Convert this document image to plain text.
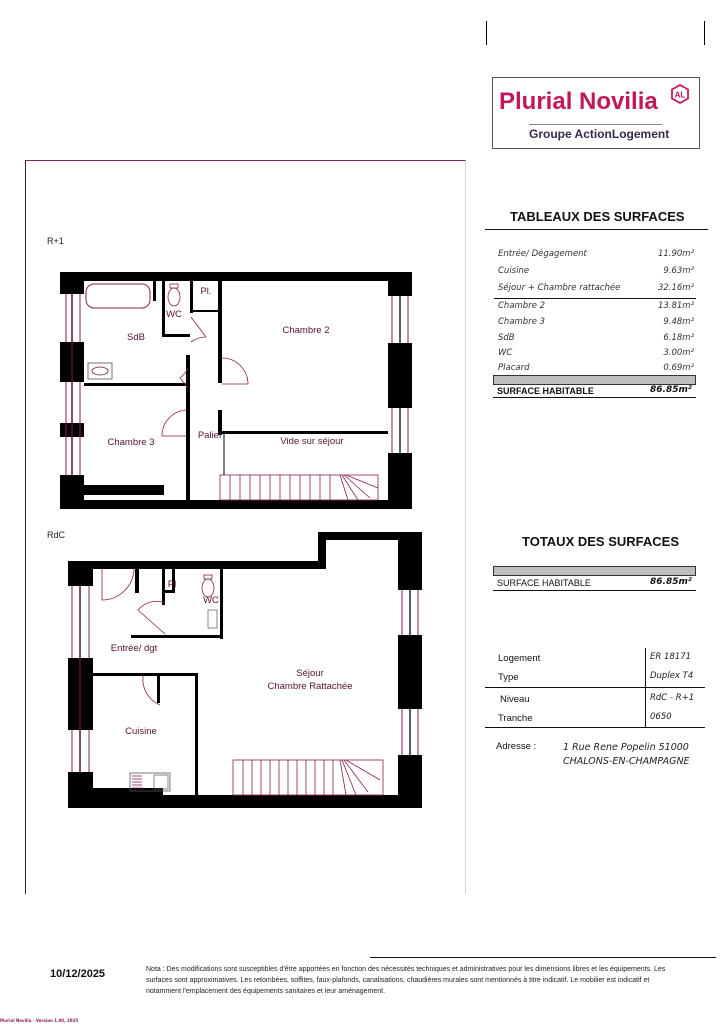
Plurial Novilia AL
Groupe ActionLogement
R+1
SdB
WC
Pl.
Chambre 2
Chambre 3
Palier
Vide sur séjour
RdC
Pl
WC
Entrée/ dgt
Séjour
Chambre Rattachée
Cuisine
TABLEAUX DES SURFACES
Entrée/ Dégagement	11.90m²
Cuisine	9.63m²
Séjour + Chambre rattachée	32.16m²
Chambre 2	13.81m²
Chambre 3	9.48m²
SdB	6.18m²
WC	3.00m²
Placard	0.69m²
SURFACE HABITABLE	86.85m²
TOTAUX DES SURFACES
SURFACE HABITABLE	86.85m²
Logement	ER 18171
Type	Duplex T4
Niveau	RdC - R+1
Tranche	0650
Adresse :	1 Rue Rene Popelin 51000
CHALONS-EN-CHAMPAGNE
10/12/2025	Nota : Des modifications sont susceptibles d'être apportées en fonction des nécessités techniques et administratives pour les dimensions libres et les équipements. Les surfaces sont approximatives. Les retombées, soffites, faux-plafonds, canalisations, chaudières murales sont mentionnés à titre indicatif. Le mobilier est indicatif et notamment l'emplacement des équipements sanitaires et leur aménagement.
Plurial Novilia - Version 1.00, 2025
